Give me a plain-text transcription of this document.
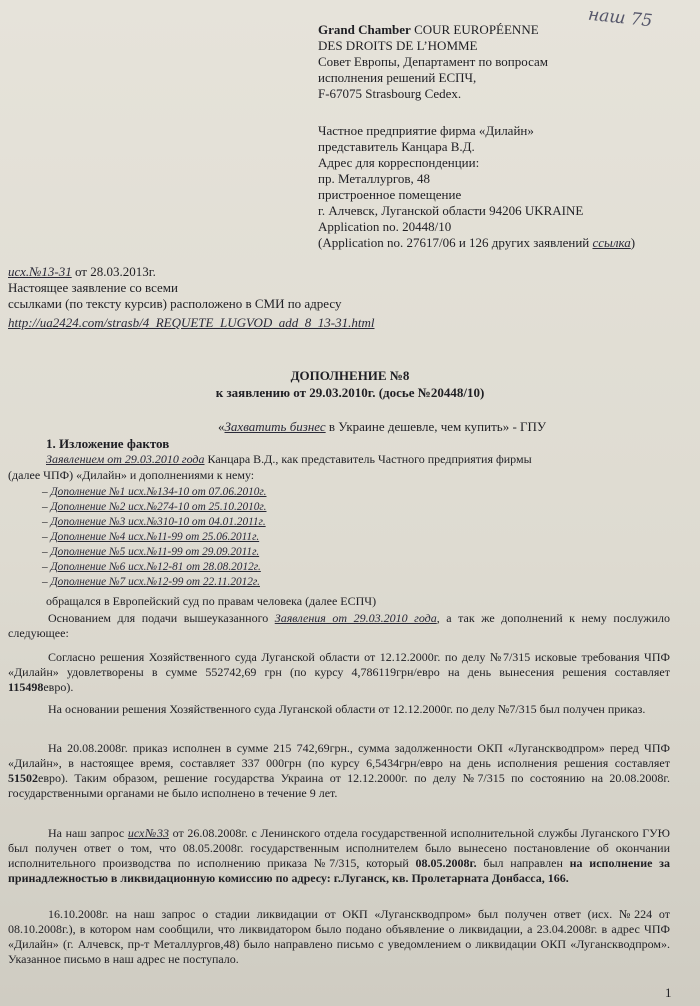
Grand Chamber COUR EUROPÉENNE
DES DROITS DE L’HOMME
Совет Европы, Департамент по вопросам
исполнения решений ЕСПЧ,
F-67075 Strasbourg Cedex.
наш 75
Частное предприятие фирма «Дилайн»
представитель Канцара В.Д.
Адрес для корреспонденции:
пр. Металлургов, 48
пристроенное помещение
г. Алчевск, Луганской области 94206 UKRAINE
Application no. 20448/10
(Application no. 27617/06 и 126 других заявлений ссылка)
исх.№13-31 от 28.03.2013г.
Настоящее заявление со всеми
ссылками (по тексту курсив) расположено в СМИ по адресу
http://ua2424.com/strasb/4_REQUETE_LUGVOD_add_8_13-31.html
ДОПОЛНЕНИЕ №8
к заявлению от 29.03.2010г. (досье №20448/10)
«Захватить бизнес в Украине дешевле, чем купить» - ГПУ
1. Изложение фактов
Заявлением от 29.03.2010 года Канцара В.Д., как представитель Частного предприятия фирмы
(далее ЧПФ) «Дилайн» и дополнениями к нему:
– Дополнение №1 исх.№134-10 от 07.06.2010г.
– Дополнение №2 исх.№274-10 от 25.10.2010г.
– Дополнение №3 исх.№310-10 от 04.01.2011г.
– Дополнение №4 исх.№11-99 от 25.06.2011г.
– Дополнение №5 исх.№11-99 от 29.09.2011г.
– Дополнение №6 исх.№12-81 от 28.08.2012г.
– Дополнение №7 исх.№12-99 от 22.11.2012г.
обращался в Европейский суд по правам человека (далее ЕСПЧ)
Основанием для подачи вышеуказанного Заявления от 29.03.2010 года, а так же дополнений к нему послужило следующее:
Согласно решения Хозяйственного суда Луганской области от 12.12.2000г. по делу №7/315 исковые требования ЧПФ «Дилайн» удовлетворены в сумме 552742,69 грн (по курсу 4,786119грн/евро на день вынесения решения составляет 115498евро).
На основании решения Хозяйственного суда Луганской области от 12.12.2000г. по делу №7/315 был получен приказ.
На 20.08.2008г. приказ исполнен в сумме 215 742,69грн., сумма задолженности ОКП «Луганскводпром» перед ЧПФ «Дилайн», в настоящее время, составляет 337 000грн (по курсу 6,5434грн/евро на день исполнения решения составляет 51502евро). Таким образом, решение государства Украина от 12.12.2000г. по делу №7/315 по состоянию на 20.08.2008г. государственными органами не было исполнено в течение 9 лет.
На наш запрос исх№33 от 26.08.2008г. с Ленинского отдела государственной исполнительной службы Луганского ГУЮ был получен ответ о том, что 08.05.2008г. государственным исполнителем было вынесено постановление об окончании исполнительного производства по исполнению приказа №7/315, который 08.05.2008г. был направлен на исполнение за принадлежностью в ликвидационную комиссию по адресу: г.Луганск, кв. Пролетарната Донбасса, 166.
16.10.2008г. на наш запрос о стадии ликвидации от ОКП «Луганскводпром» был получен ответ (исх. №224 от 08.10.2008г.), в котором нам сообщили, что ликвидатором было подано объявление о ликвидации, а 23.04.2008г. в адрес ЧПФ «Дилайн» (г. Алчевск, пр-т Металлургов,48) было направлено письмо с уведомлением о ликвидации ОКП «Луганскводпром». Указанное письмо в наш адрес не поступало.
1
